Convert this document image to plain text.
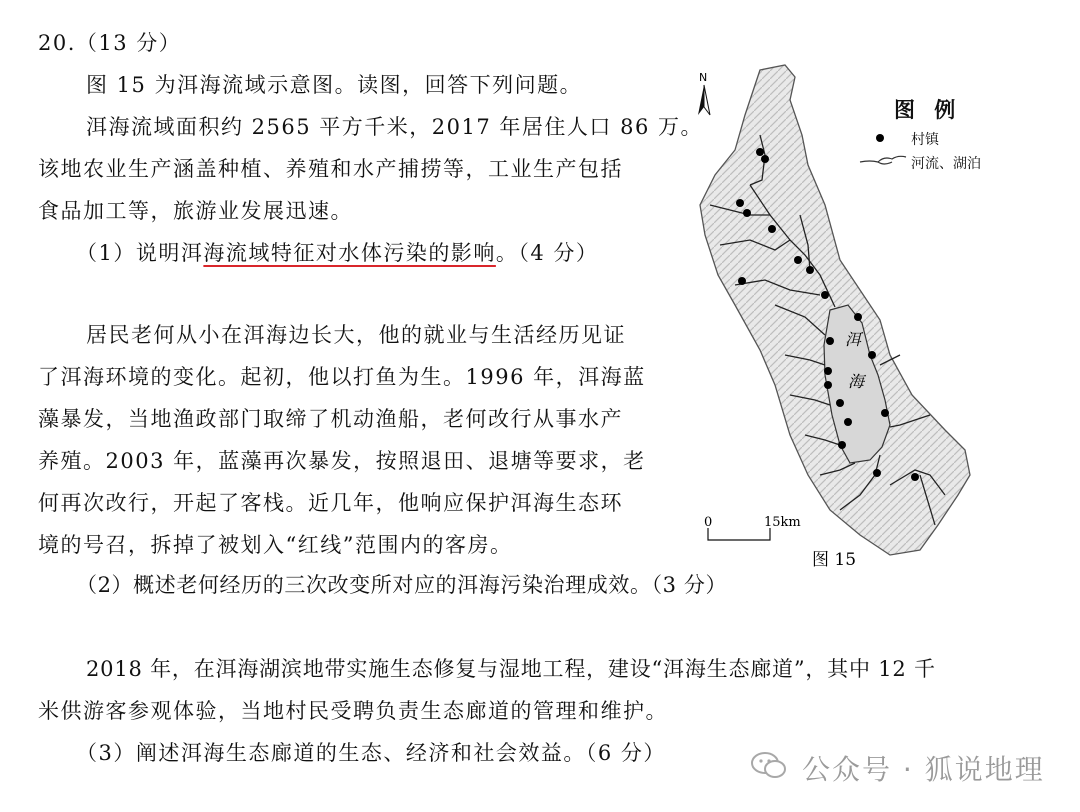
20.（13 分）
图 15 为洱海流域示意图。读图，回答下列问题。
洱海流域面积约 2565 平方千米，2017 年居住人口 86 万。
该地农业生产涵盖种植、养殖和水产捕捞等，工业生产包括
食品加工等，旅游业发展迅速。
（1）说明洱海流域特征对水体污染的影响。（4 分）
居民老何从小在洱海边长大，他的就业与生活经历见证
了洱海环境的变化。起初，他以打鱼为生。1996 年，洱海蓝
藻暴发，当地渔政部门取缔了机动渔船，老何改行从事水产
养殖。2003 年，蓝藻再次暴发，按照退田、退塘等要求，老
何再次改行，开起了客栈。近几年，他响应保护洱海生态环
境的号召，拆掉了被划入“红线”范围内的客房。
（2）概述老何经历的三次改变所对应的洱海污染治理成效。（3 分）
2018 年，在洱海湖滨地带实施生态修复与湿地工程，建设“洱海生态廊道”，其中 12 千
米供游客参观体验，当地村民受聘负责生态廊道的管理和维护。
（3）阐述洱海生态廊道的生态、经济和社会效益。（6 分）
N
洱
海
0	15km
图 15
图 例
村镇
河流、湖泊
公众号 · 狐说地理
